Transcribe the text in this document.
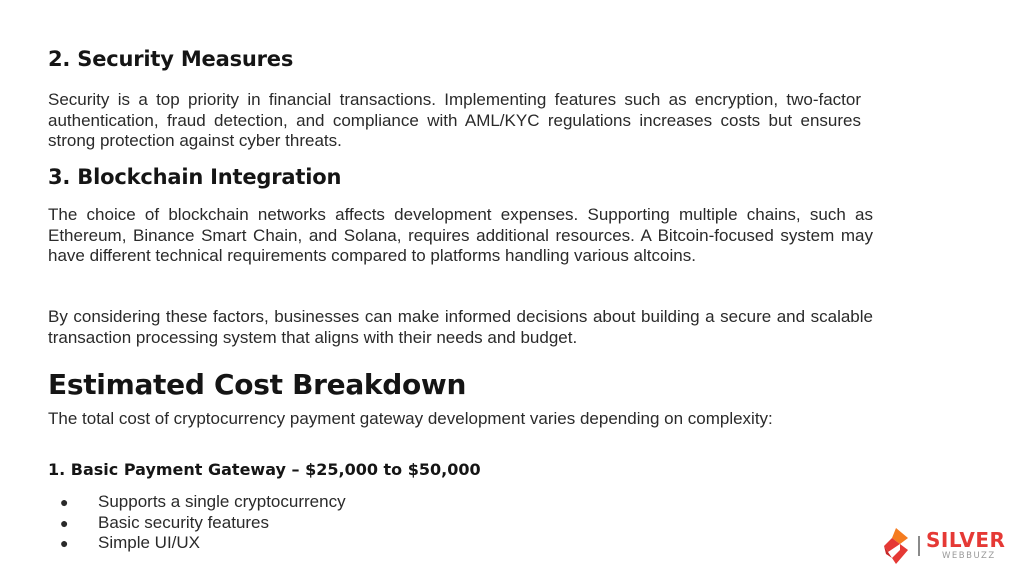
2. Security Measures

Security is a top priority in financial transactions. Implementing features such as encryption, two-factor authentication, fraud detection, and compliance with AML/KYC regulations increases costs but ensures strong protection against cyber threats.

3. Blockchain Integration

The choice of blockchain networks affects development expenses. Supporting multiple chains, such as Ethereum, Binance Smart Chain, and Solana, requires additional resources. A Bitcoin-focused system may have different technical requirements compared to platforms handling various altcoins.

By considering these factors, businesses can make informed decisions about building a secure and scalable transaction processing system that aligns with their needs and budget.

Estimated Cost Breakdown

The total cost of cryptocurrency payment gateway development varies depending on complexity:

1. Basic Payment Gateway – $25,000 to $50,000
●	Supports a single cryptocurrency
●	Basic security features
●	Simple UI/UX	SILVER
WEBBUZZ
